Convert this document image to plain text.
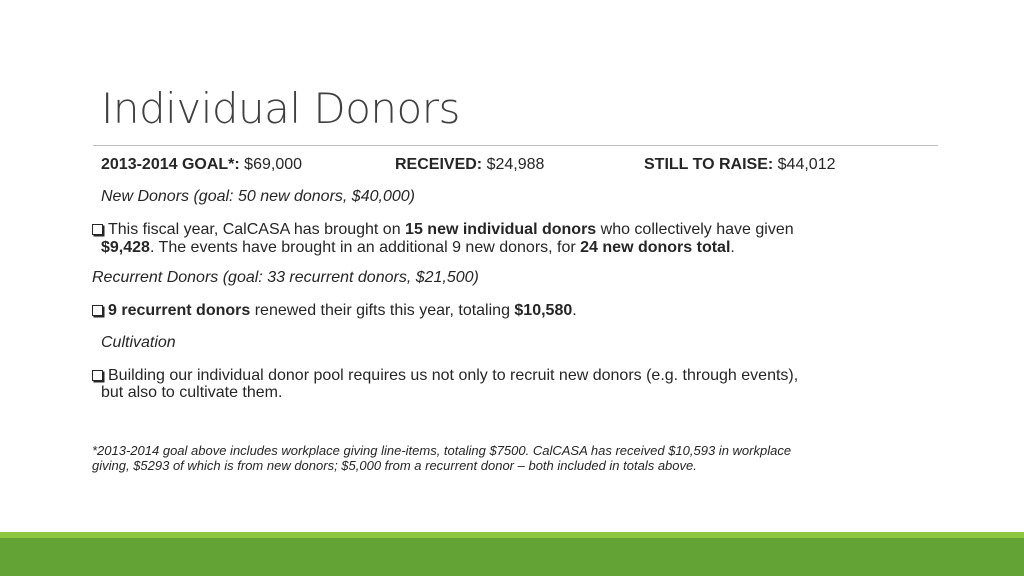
Individual Donors
2013-2014 GOAL*: $69,000	RECEIVED: $24,988	STILL TO RAISE: $44,012
New Donors (goal: 50 new donors, $40,000)
This fiscal year, CalCASA has brought on 15 new individual donors who collectively have given
$9,428. The events have brought in an additional 9 new donors, for 24 new donors total.
Recurrent Donors (goal: 33 recurrent donors, $21,500)
9 recurrent donors renewed their gifts this year, totaling $10,580.
Cultivation
Building our individual donor pool requires us not only to recruit new donors (e.g. through events),
but also to cultivate them.
*2013-2014 goal above includes workplace giving line-items, totaling $7500. CalCASA has received $10,593 in workplace
giving, $5293 of which is from new donors; $5,000 from a recurrent donor – both included in totals above.
